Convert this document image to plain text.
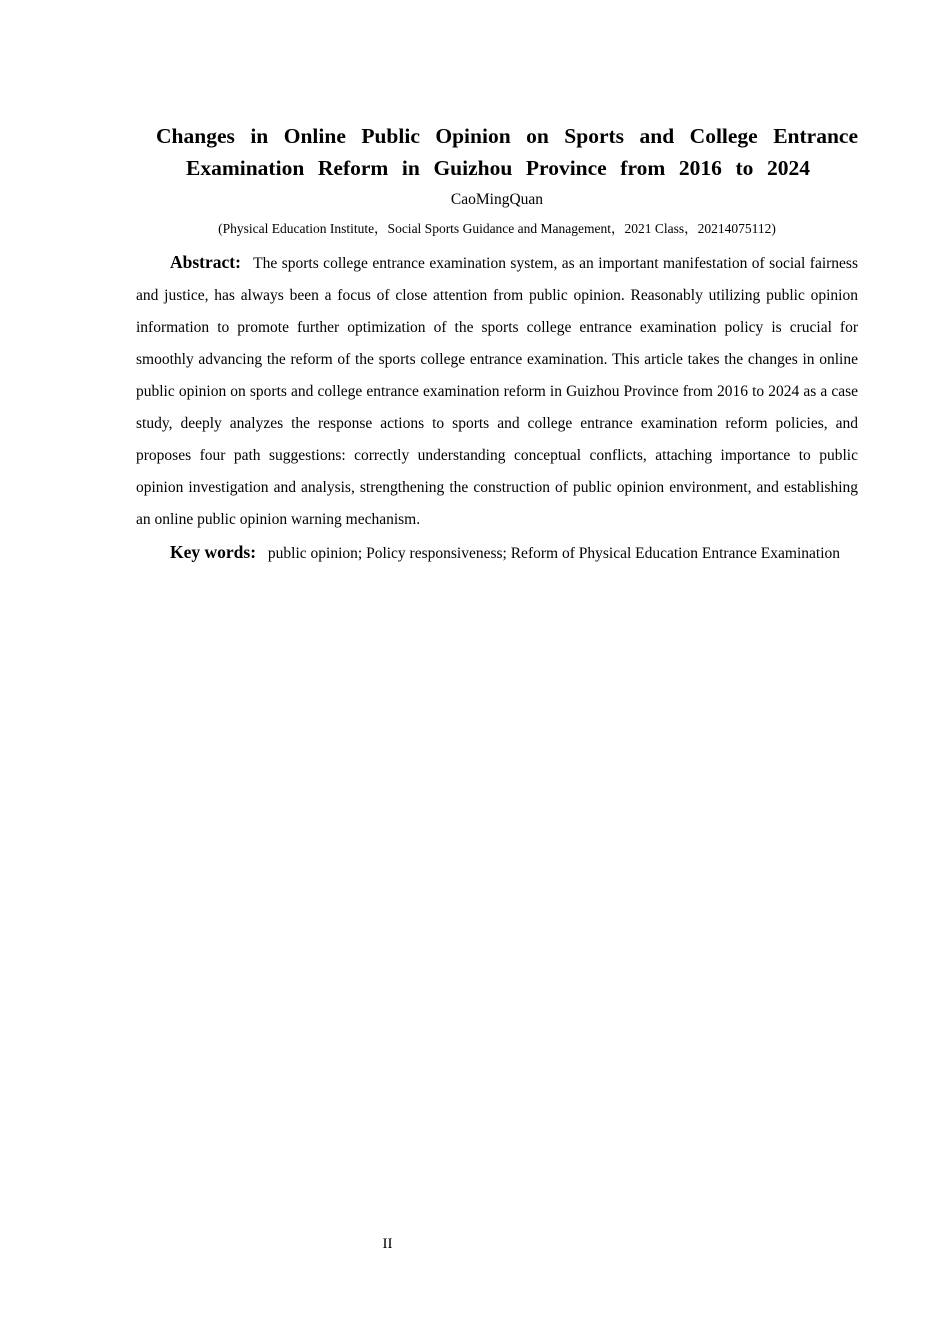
Changes in Online Public Opinion on Sports and College Entrance
Examination Reform in Guizhou Province from 2016 to 2024
CaoMingQuan
(Physical Education Institute，Social Sports Guidance and Management，2021 Class，20214075112)

Abstract: The sports college entrance examination system, as an important manifestation of social fairness and justice, has always been a focus of close attention from public opinion. Reasonably utilizing public opinion information to promote further optimization of the sports college entrance examination policy is crucial for smoothly advancing the reform of the sports college entrance examination. This article takes the changes in online public opinion on sports and college entrance examination reform in Guizhou Province from 2016 to 2024 as a case study, deeply analyzes the response actions to sports and college entrance examination reform policies, and proposes four path suggestions: correctly understanding conceptual conflicts, attaching importance to public opinion investigation and analysis, strengthening the construction of public opinion environment, and establishing an online public opinion warning mechanism.

Key words: public opinion; Policy responsiveness; Reform of Physical Education Entrance Examination

II
